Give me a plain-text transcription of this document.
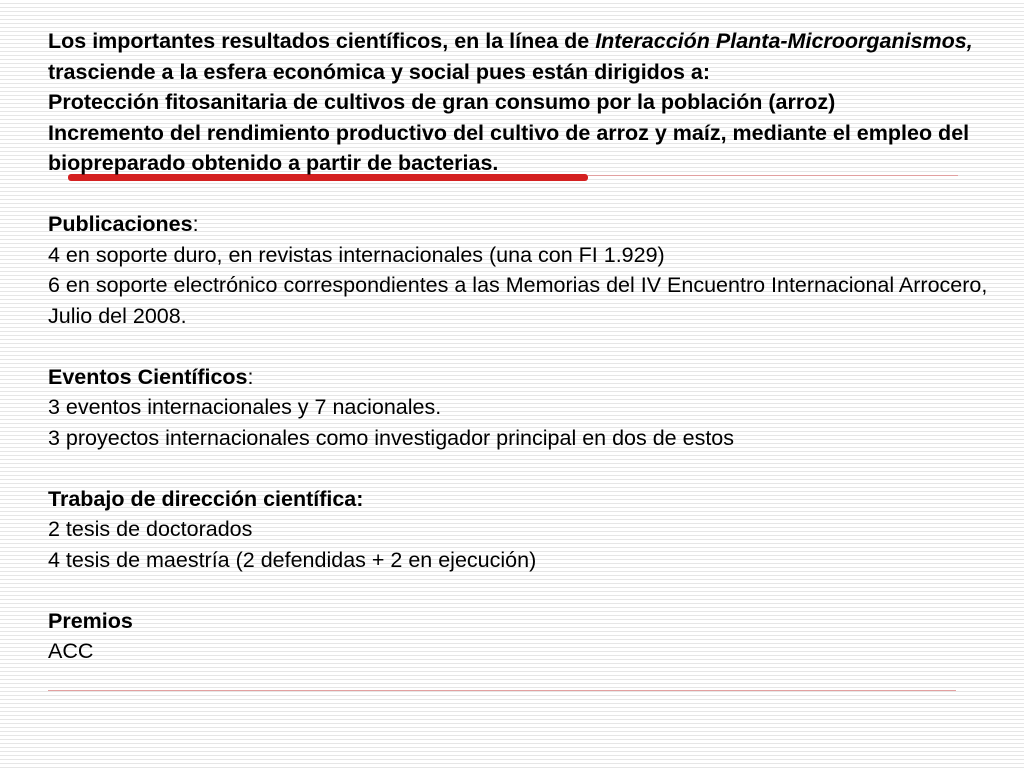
Los importantes resultados científicos, en la línea de Interacción Planta-Microorganismos, trasciende a la esfera económica y social pues están dirigidos a:

Protección fitosanitaria de cultivos de gran consumo por la población (arroz)

Incremento del rendimiento productivo del cultivo de arroz y maíz, mediante el empleo del biopreparado obtenido a partir de bacterias.

Publicaciones:

4 en soporte duro, en revistas internacionales (una con FI 1.929)

6 en soporte electrónico correspondientes a las Memorias del IV Encuentro Internacional Arrocero, Julio del 2008.

Eventos Científicos:

3 eventos internacionales y 7 nacionales.

3 proyectos internacionales como investigador principal en dos de estos

Trabajo de dirección científica:

2 tesis de doctorados

4 tesis de maestría (2 defendidas + 2 en ejecución)

Premios

ACC
